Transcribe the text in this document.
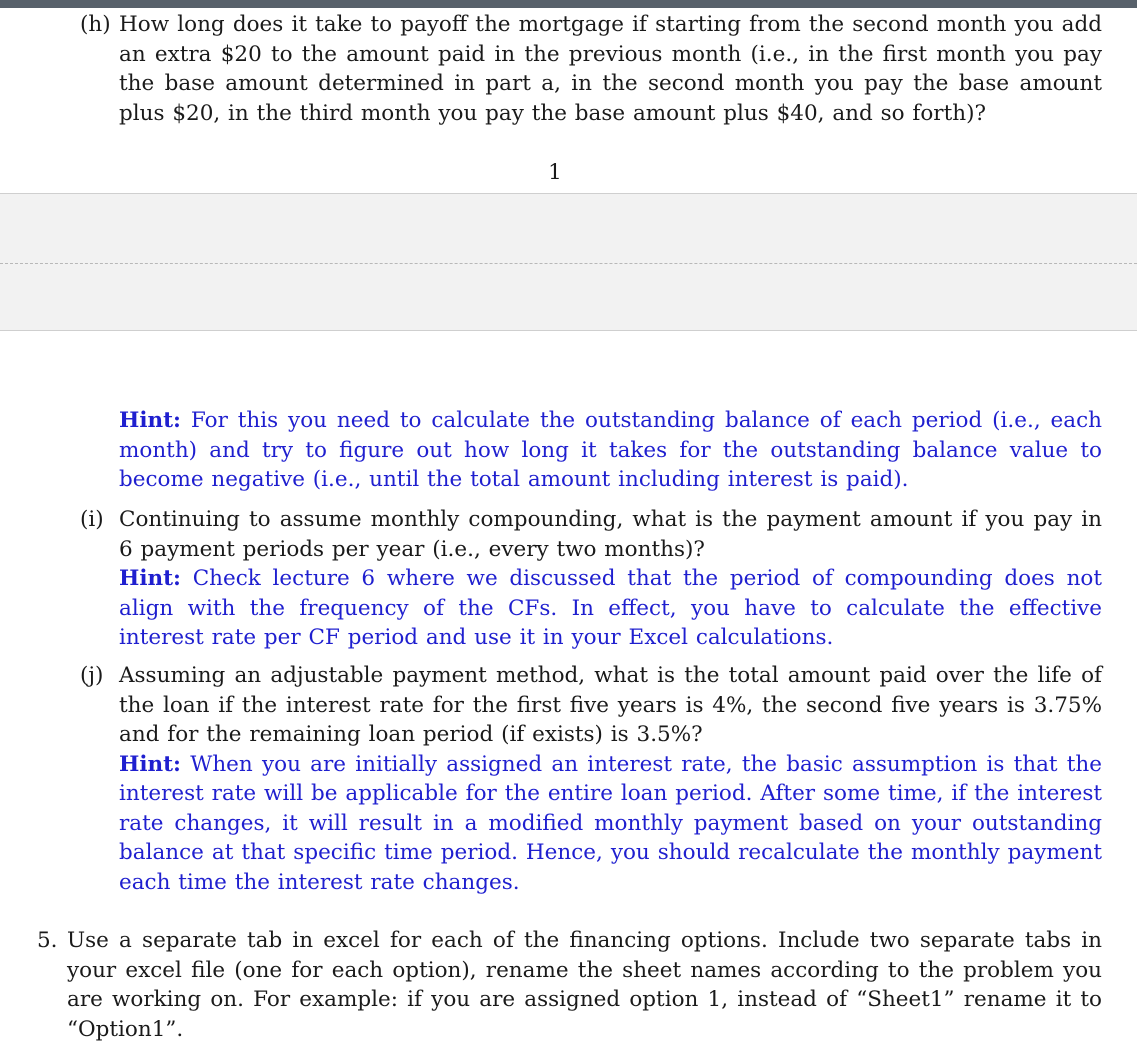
(h) How long does it take to payoff the mortgage if starting from the second month you add an extra $20 to the amount paid in the previous month (i.e., in the first month you pay the base amount determined in part a, in the second month you pay the base amount plus $20, in the third month you pay the base amount plus $40, and so forth)?
1
Hint: For this you need to calculate the outstanding balance of each period (i.e., each month) and try to figure out how long it takes for the outstanding balance value to become negative (i.e., until the total amount including interest is paid).
(i) Continuing to assume monthly compounding, what is the payment amount if you pay in 6 payment periods per year (i.e., every two months)?
Hint: Check lecture 6 where we discussed that the period of compounding does not align with the frequency of the CFs. In effect, you have to calculate the effective interest rate per CF period and use it in your Excel calculations.
(j) Assuming an adjustable payment method, what is the total amount paid over the life of the loan if the interest rate for the first five years is 4%, the second five years is 3.75% and for the remaining loan period (if exists) is 3.5%?
Hint: When you are initially assigned an interest rate, the basic assumption is that the interest rate will be applicable for the entire loan period. After some time, if the interest rate changes, it will result in a modified monthly payment based on your outstanding balance at that specific time period. Hence, you should recalculate the monthly payment each time the interest rate changes.
5. Use a separate tab in excel for each of the financing options. Include two separate tabs in your excel file (one for each option), rename the sheet names according to the problem you are working on. For example: if you are assigned option 1, instead of “Sheet1” rename it to “Option1”.
